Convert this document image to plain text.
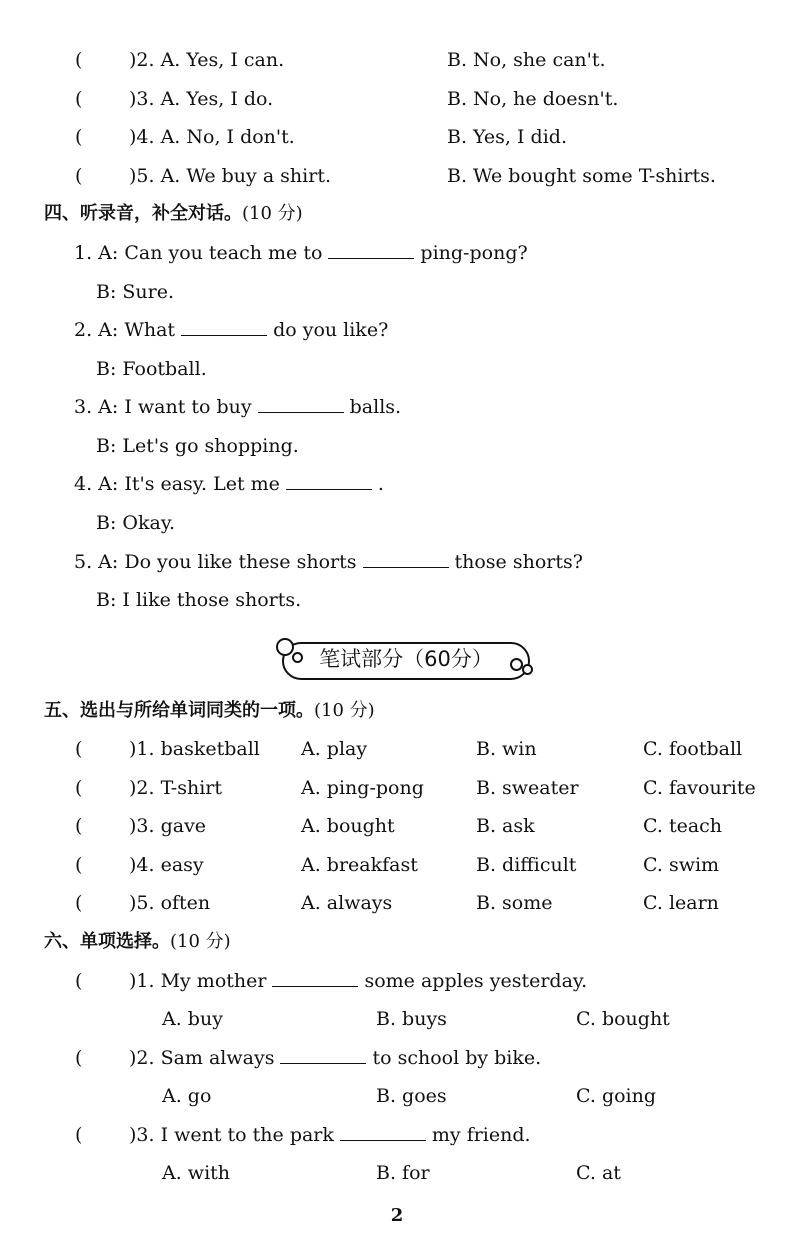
( )2. A. Yes, I can.	B. No, she can't.
( )3. A. Yes, I do.	B. No, he doesn't.
( )4. A. No, I don't.	B. Yes, I did.
( )5. A. We buy a shirt.	B. We bought some T-shirts.
四、听录音，补全对话。(10 分)
1. A: Can you teach me to	ping-pong?
B: Sure.
2. A: What	do you like?
B: Football.
3. A: I want to buy	balls.
B: Let's go shopping.
4. A: It's easy. Let me	.
B: Okay.
5. A: Do you like these shorts	those shorts?
B: I like those shorts.
笔试部分（60分）
五、选出与所给单词同类的一项。(10 分)
( )1. basketball A. play	B. win	C. football
( )2. T-shirt	A. ping-pong	B. sweater	C. favourite
( )3. gave	A. bought	B. ask	C. teach
( )4. easy	A. breakfast	B. difficult	C. swim
( )5. often	A. always	B. some	C. learn
六、单项选择。(10 分)
( )1. My mother	some apples yesterday.
A. buy	B. buys	C. bought
( )2. Sam always	to school by bike.
A. go	B. goes	C. going
( )3. I went to the park	my friend.
A. with	B. for	C. at
2
